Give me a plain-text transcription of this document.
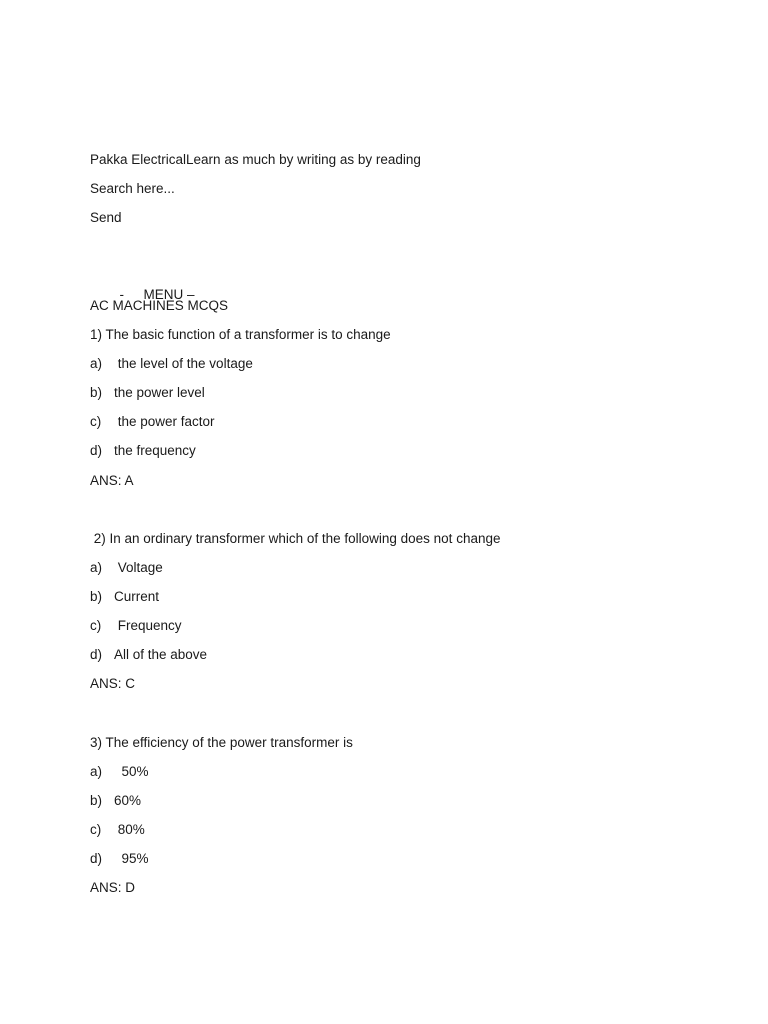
Pakka ElectricalLearn as much by writing as by reading
Search here...
Send

- MENU –

AC MACHINES MCQS
1) The basic function of a transformer is to change
a) the level of the voltage
b) the power level
c) the power factor
d) the frequency
ANS: A
2) In an ordinary transformer which of the following does not change
a) Voltage
b) Current
c) Frequency
d) All of the above
ANS: C
3) The efficiency of the power transformer is
a)  50%
b) 60%
c) 80%
d)  95%
ANS: D
